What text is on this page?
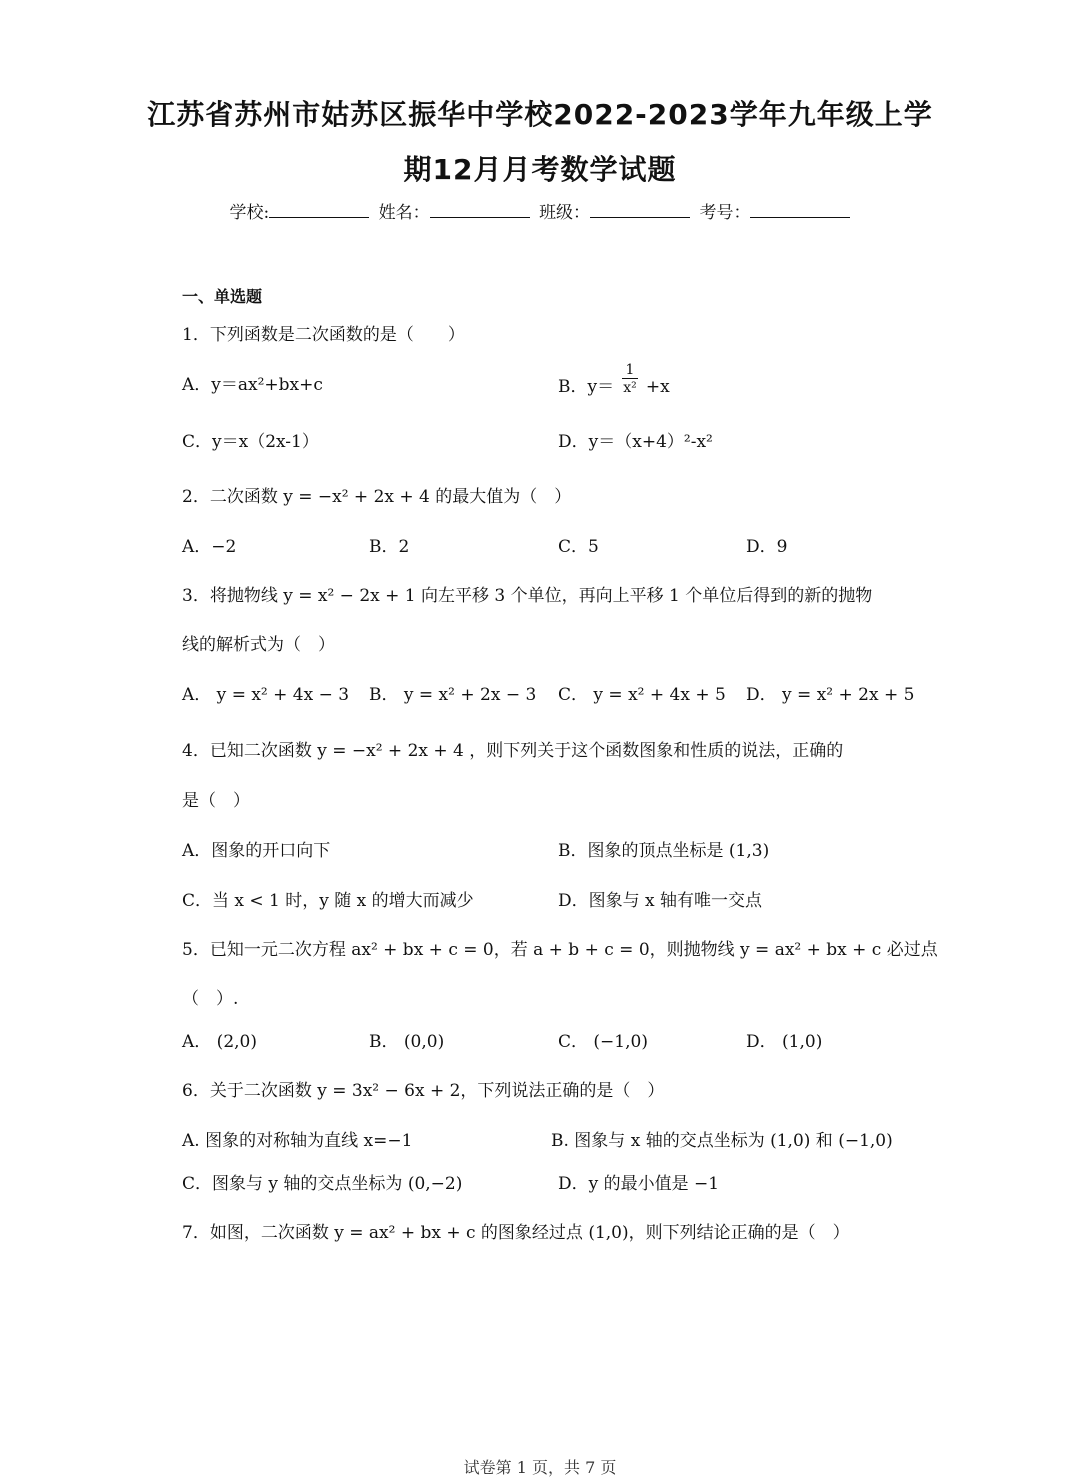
江苏省苏州市姑苏区振华中学校2022-2023学年九年级上学
期12月月考数学试题
学校:	姓名：	班级：	考号：
一、单选题
1．下列函数是二次函数的是（　　）
A．y＝ax²+bx+c	B．$y= \frac{1}{\text{x²}} +x$
C．y＝x（2x-1）	D．y＝（x+4）²-x²
2．二次函数 y = −x² + 2x + 4 的最大值为（　）
A．−2	B．2	C．5	D．9
3．将抛物线 y = x² − 2x + 1 向左平移 3 个单位，再向上平移 1 个单位后得到的新的抛物
线的解析式为（　）
A． y = x² + 4x − 3 B． y = x² + 2x − 3 C． y = x² + 4x + 5 D． y = x² + 2x + 5
4．已知二次函数 y = −x² + 2x + 4 ，则下列关于这个函数图象和性质的说法，正确的
是（　）
A．图象的开口向下	B．图象的顶点坐标是 (1,3)
C．当 x < 1 时，y 随 x 的增大而减少	D．图象与 x 轴有唯一交点
5．已知一元二次方程 ax² + bx + c = 0，若 a + b + c = 0，则抛物线 y = ax² + bx + c 必过点
（　）.
A． (2,0)	B． (0,0)	C． (−1,0)	D． (1,0)
6．关于二次函数 y = 3x² − 6x + 2，下列说法正确的是（　）
A. 图象的对称轴为直线 x=−1	B. 图象与 x 轴的交点坐标为 (1,0) 和 (−1,0)
C．图象与 y 轴的交点坐标为 (0,−2)	D．y 的最小值是 −1
7．如图，二次函数 y = ax² + bx + c 的图象经过点 (1,0)，则下列结论正确的是（　）
试卷第 1 页，共 7 页
